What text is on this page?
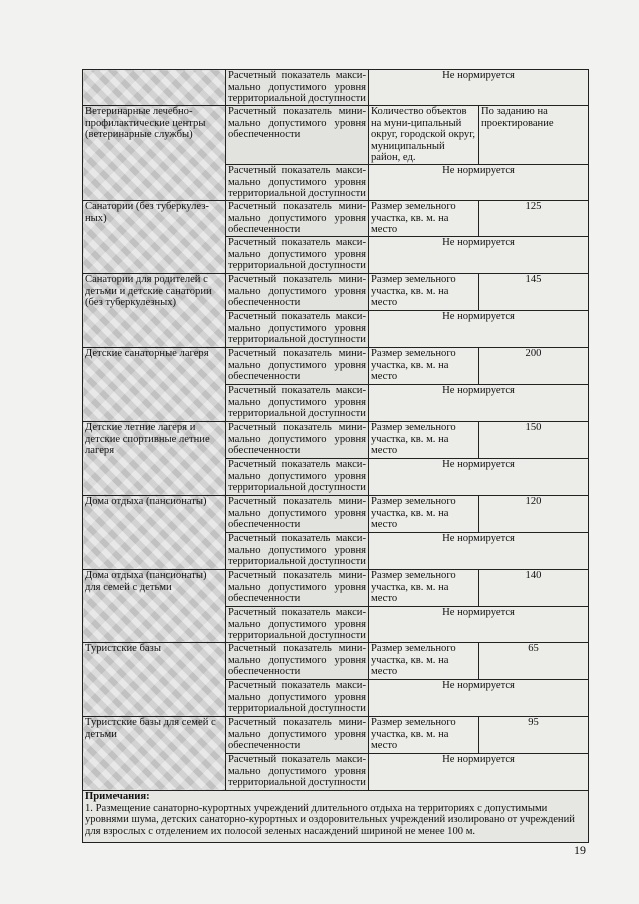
	Расчетный показатель макси-мально допустимого уровня территориальной доступности	Не нормируется	
Ветеринарные лечебно-профилактические центры (ветеринарные службы)	Расчетный показатель мини-мально допустимого уровня обеспеченности	Количество объектов на муни-ципальный округ, городской округ, муниципальный район, ед.	По заданию на проектирование
	Расчетный показатель макси-мально допустимого уровня территориальной доступности	Не нормируется	
Санатории (без туберкулез-ных)	Расчетный показатель мини-мально допустимого уровня обеспеченности	Размер земельного участка, кв. м. на место	125
	Расчетный показатель макси-мально допустимого уровня территориальной доступности	Не нормируется	
Санатории для родителей с детьми и детские санатории (без туберкулезных)	Расчетный показатель мини-мально допустимого уровня обеспеченности	Размер земельного участка, кв. м. на место	145
	Расчетный показатель макси-мально допустимого уровня территориальной доступности	Не нормируется	
Детские санаторные лагеря	Расчетный показатель мини-мально допустимого уровня обеспеченности	Размер земельного участка, кв. м. на место	200
	Расчетный показатель макси-мально допустимого уровня территориальной доступности	Не нормируется	
Детские летние лагеря и детские спортивные летние лагеря	Расчетный показатель мини-мально допустимого уровня обеспеченности	Размер земельного участка, кв. м. на место	150
	Расчетный показатель макси-мально допустимого уровня территориальной доступности	Не нормируется	
Дома отдыха (пансионаты)	Расчетный показатель мини-мально допустимого уровня обеспеченности	Размер земельного участка, кв. м. на место	120
	Расчетный показатель макси-мально допустимого уровня территориальной доступности	Не нормируется	
Дома отдыха (пансионаты) для семей с детьми	Расчетный показатель мини-мально допустимого уровня обеспеченности	Размер земельного участка, кв. м. на место	140
	Расчетный показатель макси-мально допустимого уровня территориальной доступности	Не нормируется	
Туристские базы	Расчетный показатель мини-мально допустимого уровня обеспеченности	Размер земельного участка, кв. м. на место	65
	Расчетный показатель макси-мально допустимого уровня территориальной доступности	Не нормируется	
Туристские базы для семей с детьми	Расчетный показатель мини-мально допустимого уровня обеспеченности	Размер земельного участка, кв. м. на место	95
	Расчетный показатель макси-мально допустимого уровня территориальной доступности	Не нормируется	

Примечания:
1. Размещение санаторно-курортных учреждений длительного отдыха на территориях с допустимыми уровнями шума, детских санаторно-курортных и оздоровительных учреждений изолировано от учреждений для взрослых с отделением их полосой зеленых насаждений шириной не менее 100 м.			
19
